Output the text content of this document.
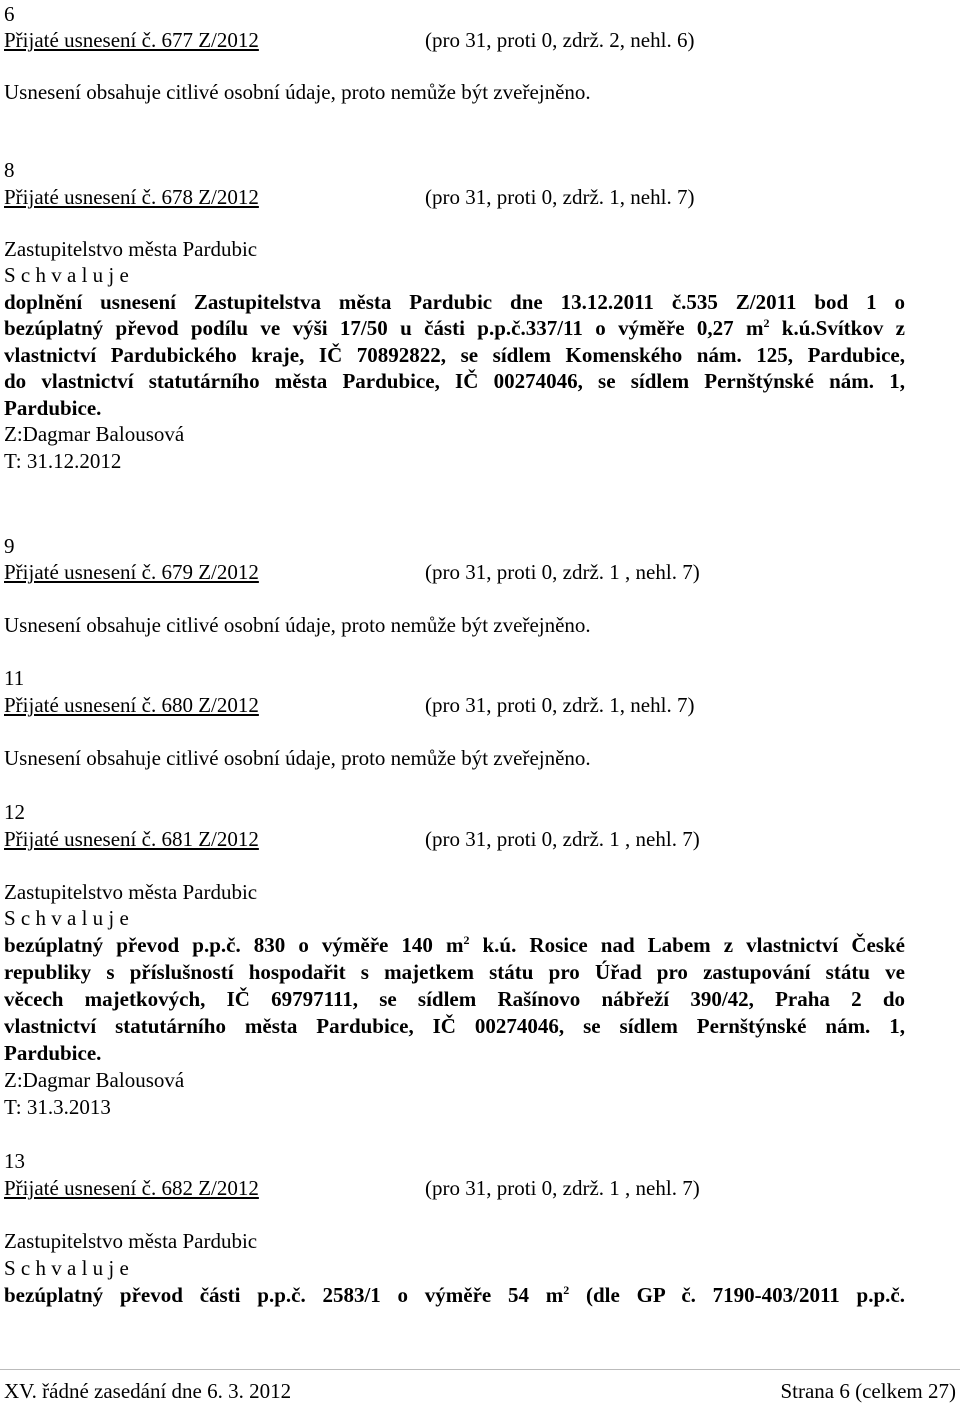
6
Přijaté usnesení č. 677 Z/2012	(pro 31, proti 0, zdrž. 2, nehl. 6)
Usnesení obsahuje citlivé osobní údaje, proto nemůže být zveřejněno.
8
Přijaté usnesení č. 678 Z/2012	(pro 31, proti 0, zdrž. 1, nehl. 7)
Zastupitelstvo města Pardubic
S c h v a l u j e
doplnění usnesení Zastupitelstva města Pardubic dne 13.12.2011 č.535 Z/2011 bod 1 o
bezúplatný převod podílu ve výši 17/50 u části p.p.č.337/11 o výměře 0,27 $m^2$ k.ú.Svítkov z
vlastnictví Pardubického kraje, IČ 70892822, se sídlem Komenského nám. 125, Pardubice,
do vlastnictví statutárního města Pardubice, IČ 00274046, se sídlem Pernštýnské nám. 1,
Pardubice.
Z:Dagmar Balousová
T: 31.12.2012
9
Přijaté usnesení č. 679 Z/2012	(pro 31, proti 0, zdrž. 1 , nehl. 7)
Usnesení obsahuje citlivé osobní údaje, proto nemůže být zveřejněno.
11
Přijaté usnesení č. 680 Z/2012	(pro 31, proti 0, zdrž. 1, nehl. 7)
Usnesení obsahuje citlivé osobní údaje, proto nemůže být zveřejněno.
12
Přijaté usnesení č. 681 Z/2012	(pro 31, proti 0, zdrž. 1 , nehl. 7)
Zastupitelstvo města Pardubic
S c h v a l u j e
bezúplatný převod p.p.č. 830 o výměře 140 $m^2$ k.ú. Rosice nad Labem z vlastnictví České
republiky s příslušností hospodařit s majetkem státu pro Úřad pro zastupování státu ve
věcech majetkových, IČ 69797111, se sídlem Rašínovo nábřeží 390/42, Praha 2 do
vlastnictví statutárního města Pardubice, IČ 00274046, se sídlem Pernštýnské nám. 1,
Pardubice.
Z:Dagmar Balousová
T: 31.3.2013
13
Přijaté usnesení č. 682 Z/2012	(pro 31, proti 0, zdrž. 1 , nehl. 7)
Zastupitelstvo města Pardubic
S c h v a l u j e
bezúplatný převod části p.p.č. 2583/1 o výměře 54 $m^2$ (dle GP č. 7190-403/2011 p.p.č.
XV. řádné zasedání dne 6. 3. 2012	Strana 6 (celkem 27)
